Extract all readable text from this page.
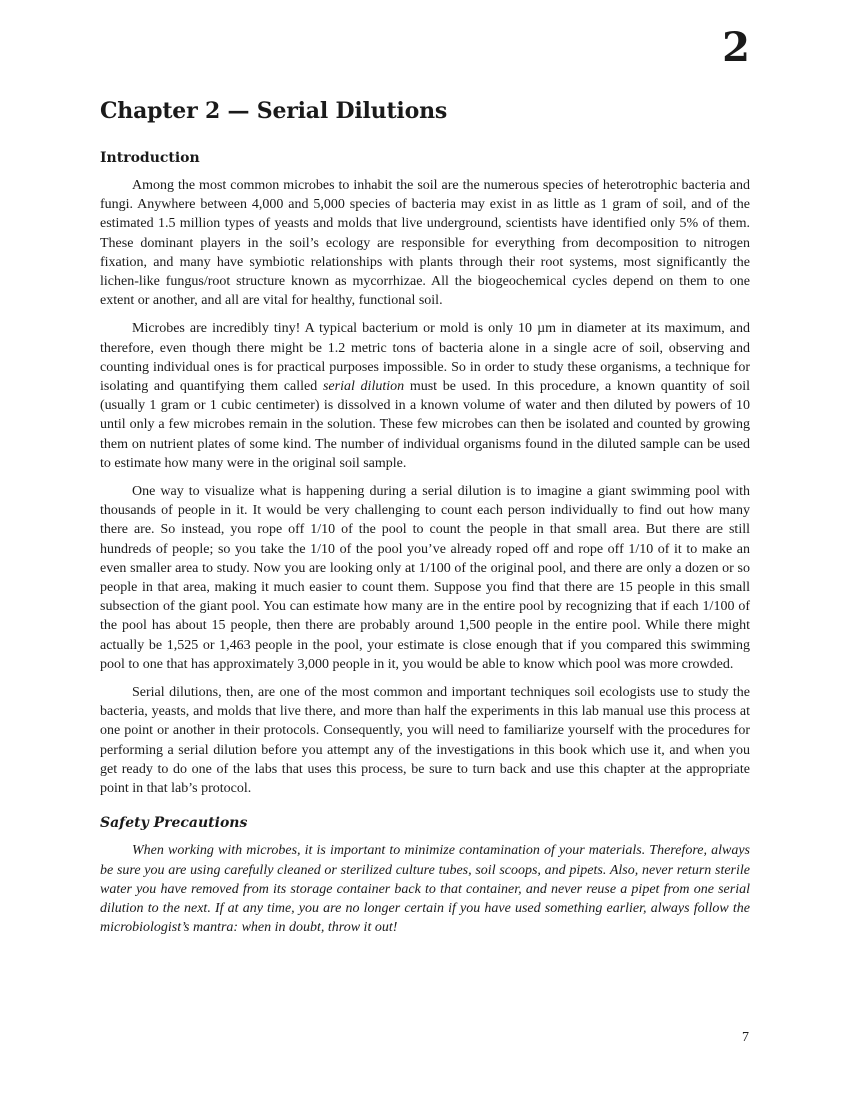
2
Chapter 2 — Serial Dilutions
Introduction

Among the most common microbes to inhabit the soil are the numerous species of heterotrophic bacteria and fungi. Anywhere between 4,000 and 5,000 species of bacteria may exist in as little as 1 gram of soil, and of the estimated 1.5 million types of yeasts and molds that live underground, scientists have identified only 5% of them. These dominant players in the soil’s ecology are responsible for everything from decomposition to nitrogen fixation, and many have symbiotic relationships with plants through their root systems, most significantly the lichen-like fungus/root structure known as mycorrhizae. All the biogeochemical cycles depend on them to one extent or another, and all are vital for healthy, functional soil.

Microbes are incredibly tiny! A typical bacterium or mold is only 10 µm in diameter at its maximum, and therefore, even though there might be 1.2 metric tons of bacteria alone in a single acre of soil, observing and counting individual ones is for practical purposes impossible. So in order to study these organisms, a technique for isolating and quantifying them called serial dilution must be used. In this procedure, a known quantity of soil (usually 1 gram or 1 cubic centimeter) is dissolved in a known volume of water and then diluted by powers of 10 until only a few microbes remain in the solution. These few microbes can then be isolated and counted by growing them on nutrient plates of some kind. The number of individual organisms found in the diluted sample can be used to estimate how many were in the original soil sample.

One way to visualize what is happening during a serial dilution is to imagine a giant swimming pool with thousands of people in it. It would be very challenging to count each person individually to find out how many there are. So instead, you rope off 1/10 of the pool to count the people in that small area. But there are still hundreds of people; so you take the 1/10 of the pool you’ve already roped off and rope off 1/10 of it to make an even smaller area to study. Now you are looking only at 1/100 of the original pool, and there are only a dozen or so people in that area, making it much easier to count them. Suppose you find that there are 15 people in this small subsection of the giant pool. You can estimate how many are in the entire pool by recognizing that if each 1/100 of the pool has about 15 people, then there are probably around 1,500 people in the entire pool. While there might actually be 1,525 or 1,463 people in the pool, your estimate is close enough that if you compared this swimming pool to one that has approximately 3,000 people in it, you would be able to know which pool was more crowded.

Serial dilutions, then, are one of the most common and important techniques soil ecologists use to study the bacteria, yeasts, and molds that live there, and more than half the experiments in this lab manual use this process at one point or another in their protocols. Consequently, you will need to familiarize yourself with the procedures for performing a serial dilution before you attempt any of the investigations in this book which use it, and when you get ready to do one of the labs that uses this process, be sure to turn back and use this chapter at the appropriate point in that lab’s protocol.

Safety Precautions

When working with microbes, it is important to minimize contamination of your materials. Therefore, always be sure you are using carefully cleaned or sterilized culture tubes, soil scoops, and pipets. Also, never return sterile water you have removed from its storage container back to that container, and never reuse a pipet from one serial dilution to the next. If at any time, you are no longer certain if you have used something earlier, always follow the microbiologist’s mantra: when in doubt, throw it out!

7
